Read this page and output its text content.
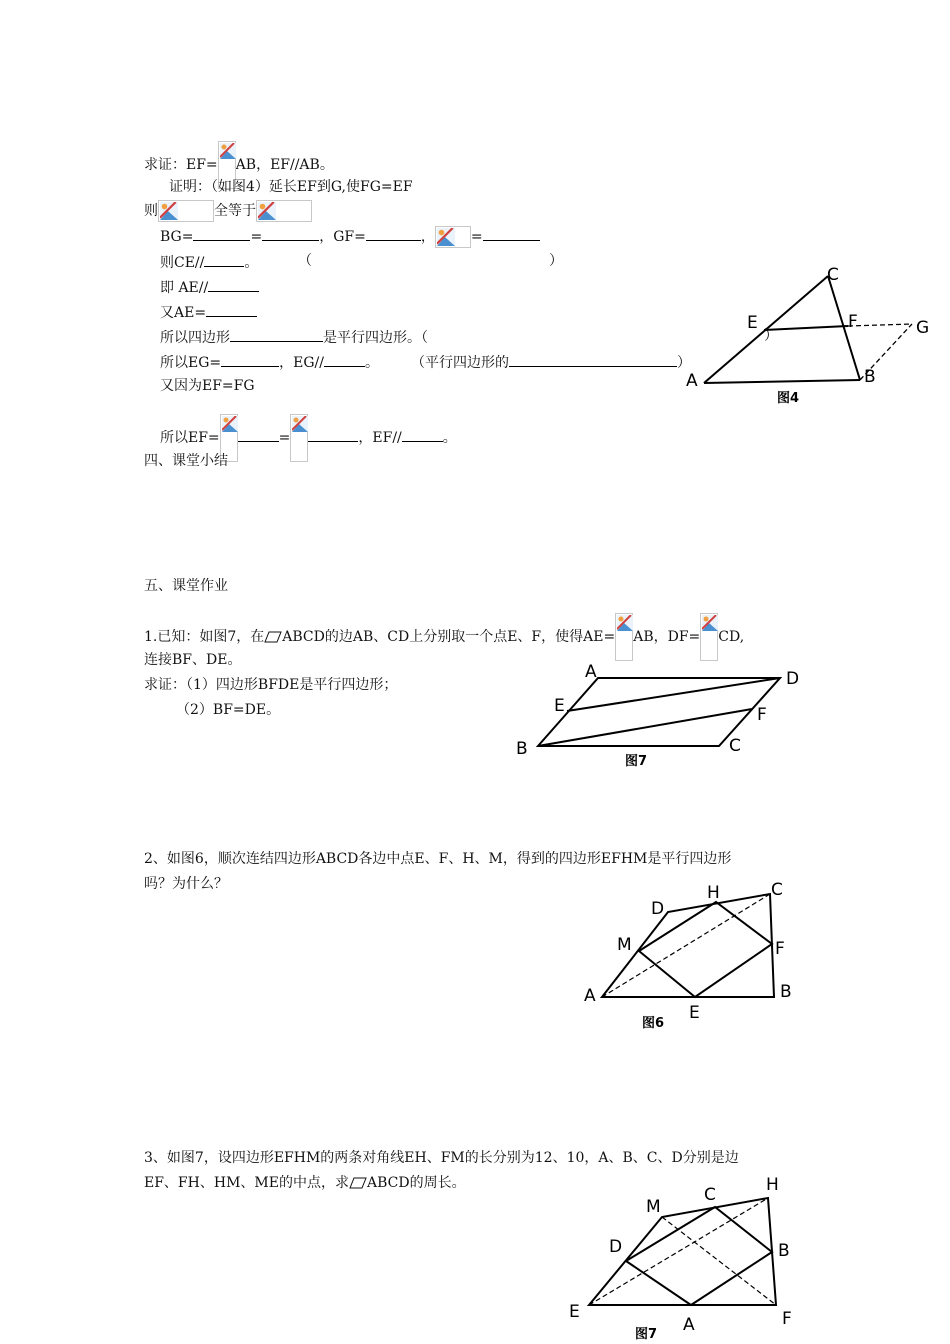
求证：EF= AB，EF//AB。
证明：（如图4）延长EF到G,使FG=EF
则	全等于
BG=	=	，GF=	，	=
则CE//	。	（	）
即 AE//
又AE=
所以四边形	是平行四边形。（	）
所以EG=	，EG//	。 （平行四边形的	）
又因为EF=FG
所以EF=	=	，EF//	。
四、课堂小结
五、课堂作业
1.已知：如图7，在 ABCD的边AB、CD上分别取一个点E、F，使得AE= AB，DF= CD,
连接BF、DE。
求证：（1）四边形BFDE是平行四边形；
（2）BF=DE。
2、如图6，顺次连结四边形ABCD各边中点E、F、H、M，得到的四边形EFHM是平行四边形
吗？为什么？
3、如图7，设四边形EFHM的两条对角线EH、FM的长分别为12、10，A、B、C、D分别是边
EF、FH、HM、ME的中点，求 ABCD的周长。
A	B
C
E	F	G
图4
A	D
E	F
B	C
图7
A	B
C
D
E
F
H
M
图6
E	F
H
M
C
D	B
A
图7
